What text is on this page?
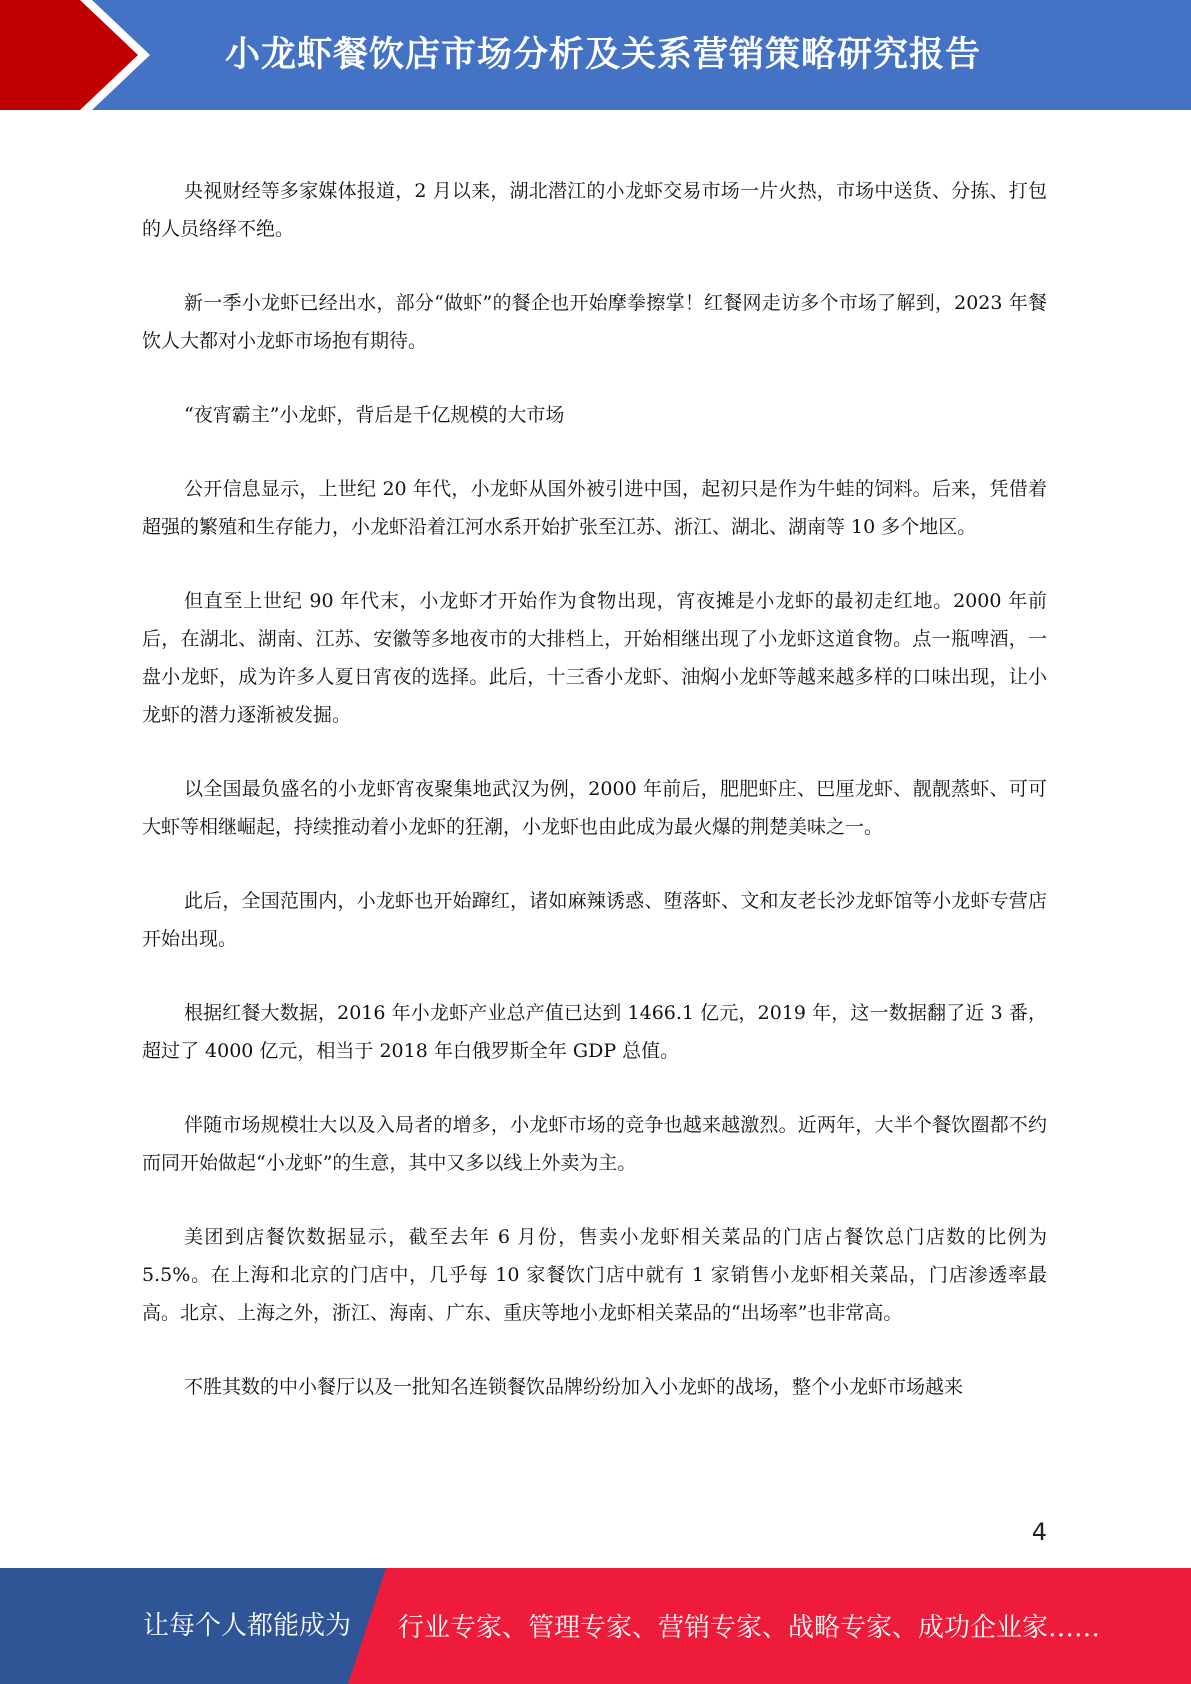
小龙虾餐饮店市场分析及关系营销策略研究报告

央视财经等多家媒体报道，2 月以来，湖北潜江的小龙虾交易市场一片火热，市场中送货、分拣、打包的人员络绎不绝。

新一季小龙虾已经出水，部分“做虾”的餐企也开始摩拳擦掌！红餐网走访多个市场了解到，2023 年餐饮人大都对小龙虾市场抱有期待。

“夜宵霸主”小龙虾，背后是千亿规模的大市场

公开信息显示，上世纪 20 年代，小龙虾从国外被引进中国，起初只是作为牛蛙的饲料。后来，凭借着超强的繁殖和生存能力，小龙虾沿着江河水系开始扩张至江苏、浙江、湖北、湖南等 10 多个地区。

但直至上世纪 90 年代末，小龙虾才开始作为食物出现，宵夜摊是小龙虾的最初走红地。2000 年前后，在湖北、湖南、江苏、安徽等多地夜市的大排档上，开始相继出现了小龙虾这道食物。点一瓶啤酒，一盘小龙虾，成为许多人夏日宵夜的选择。此后，十三香小龙虾、油焖小龙虾等越来越多样的口味出现，让小龙虾的潜力逐渐被发掘。

以全国最负盛名的小龙虾宵夜聚集地武汉为例，2000 年前后，肥肥虾庄、巴厘龙虾、靓靓蒸虾、可可大虾等相继崛起，持续推动着小龙虾的狂潮，小龙虾也由此成为最火爆的荆楚美味之一。

此后，全国范围内，小龙虾也开始蹿红，诸如麻辣诱惑、堕落虾、文和友老长沙龙虾馆等小龙虾专营店开始出现。

根据红餐大数据，2016 年小龙虾产业总产值已达到 1466.1 亿元，2019 年，这一数据翻了近 3 番，超过了 4000 亿元，相当于 2018 年白俄罗斯全年 GDP 总值。

伴随市场规模壮大以及入局者的增多，小龙虾市场的竞争也越来越激烈。近两年，大半个餐饮圈都不约而同开始做起“小龙虾”的生意，其中又多以线上外卖为主。

美团到店餐饮数据显示，截至去年 6 月份，售卖小龙虾相关菜品的门店占餐饮总门店数的比例为 5.5%。在上海和北京的门店中，几乎每 10 家餐饮门店中就有 1 家销售小龙虾相关菜品，门店渗透率最高。北京、上海之外，浙江、海南、广东、重庆等地小龙虾相关菜品的“出场率”也非常高。

不胜其数的中小餐厅以及一批知名连锁餐饮品牌纷纷加入小龙虾的战场，整个小龙虾市场越来

4
让每个人都能成为 行业专家、管理专家、营销专家、战略专家、成功企业家……
